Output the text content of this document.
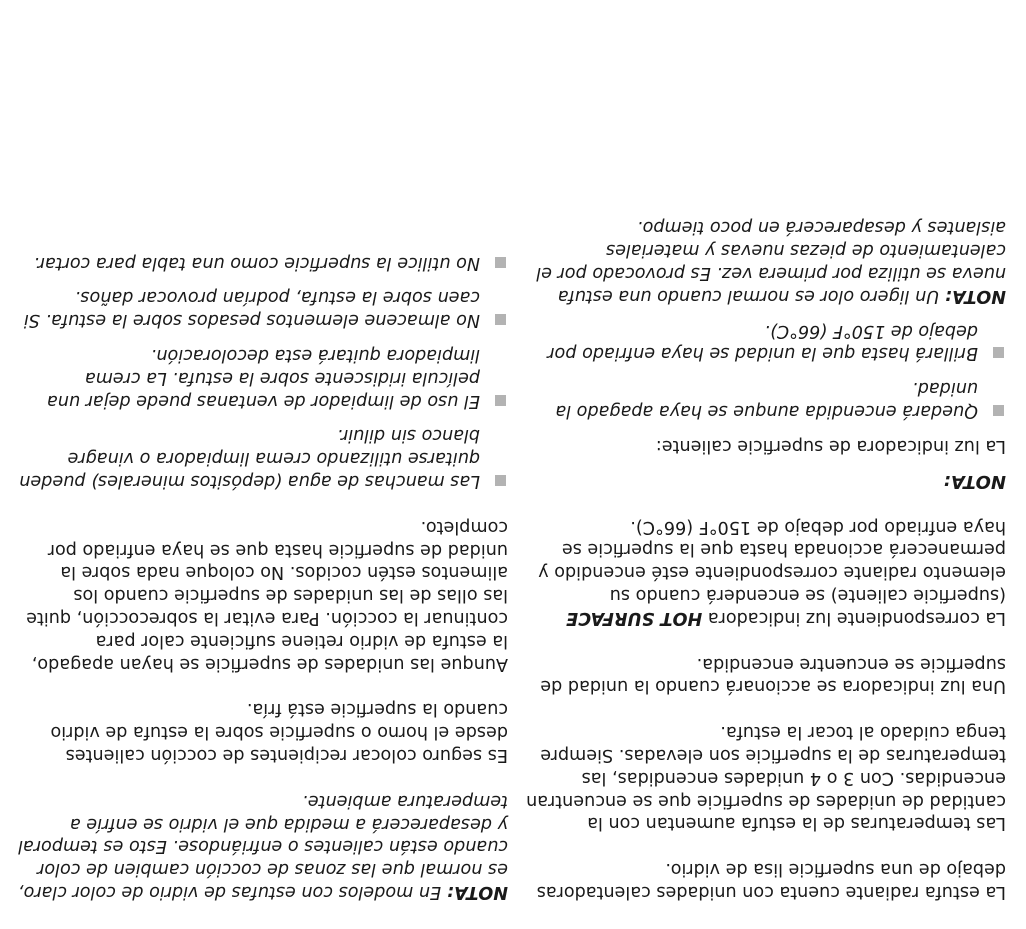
La estufa radiante cuenta con unidades calentadoras debajo de una superficie lisa de vidrio.

Las temperaturas de la estufa aumentan con la cantidad de unidades de superficie que se encuentran encendidas. Con 3 o 4 unidades encendidas, las temperaturas de la superficie son elevadas. Siempre tenga cuidado al tocar la estufa.

Una luz indicadora se accionará cuando la unidad de superficie se encuentre encendida.

La correspondiente luz indicadora HOT SURFACE (superficie caliente) se encenderá cuando su elemento radiante correspondiente esté encendido y permanecerá accionada hasta que la superficie se haya enfriado por debajo de 150°F (66°C).

NOTA:

La luz indicadora de superficie caliente:

Quedará encendida aunque se haya apagado la unidad.
Brillará hasta que la unidad se haya enfriado por debajo de 150°F (66°C).

NOTA: Un ligero olor es normal cuando una estufa nueva se utiliza por primera vez. Es provocado por el calentamiento de piezas nuevas y materiales aislantes y desaparecerá en poco tiempo.

NOTA: En modelos con estufas de vidrio de color claro, es normal que las zonas de cocción cambien de color cuando están calientes o enfriándose. Esto es temporal y desaparecerá a medida que el vidrio se enfríe a temperatura ambiente.

Es seguro colocar recipientes de cocción calientes desde el horno o superficie sobre la estufa de vidrio cuando la superficie está fría.

Aunque las unidades de superficie se hayan apagado, la estufa de vidrio retiene suficiente calor para continuar la cocción. Para evitar la sobrecocción, quite las ollas de las unidades de superficie cuando los alimentos estén cocidos. No coloque nada sobre la unidad de superficie hasta que se haya enfriado por completo.

Las manchas de agua (depósitos minerales) pueden quitarse utilizando crema limpiadora o vinagre blanco sin diluir.
El uso de limpiador de ventanas puede dejar una película iridiscente sobre la estufa. La crema limpiadora quitará esta decoloración.
No almacene elementos pesados sobre la estufa. Si caen sobre la estufa, podrían provocar daños.
No utilice la superficie como una tabla para cortar.
